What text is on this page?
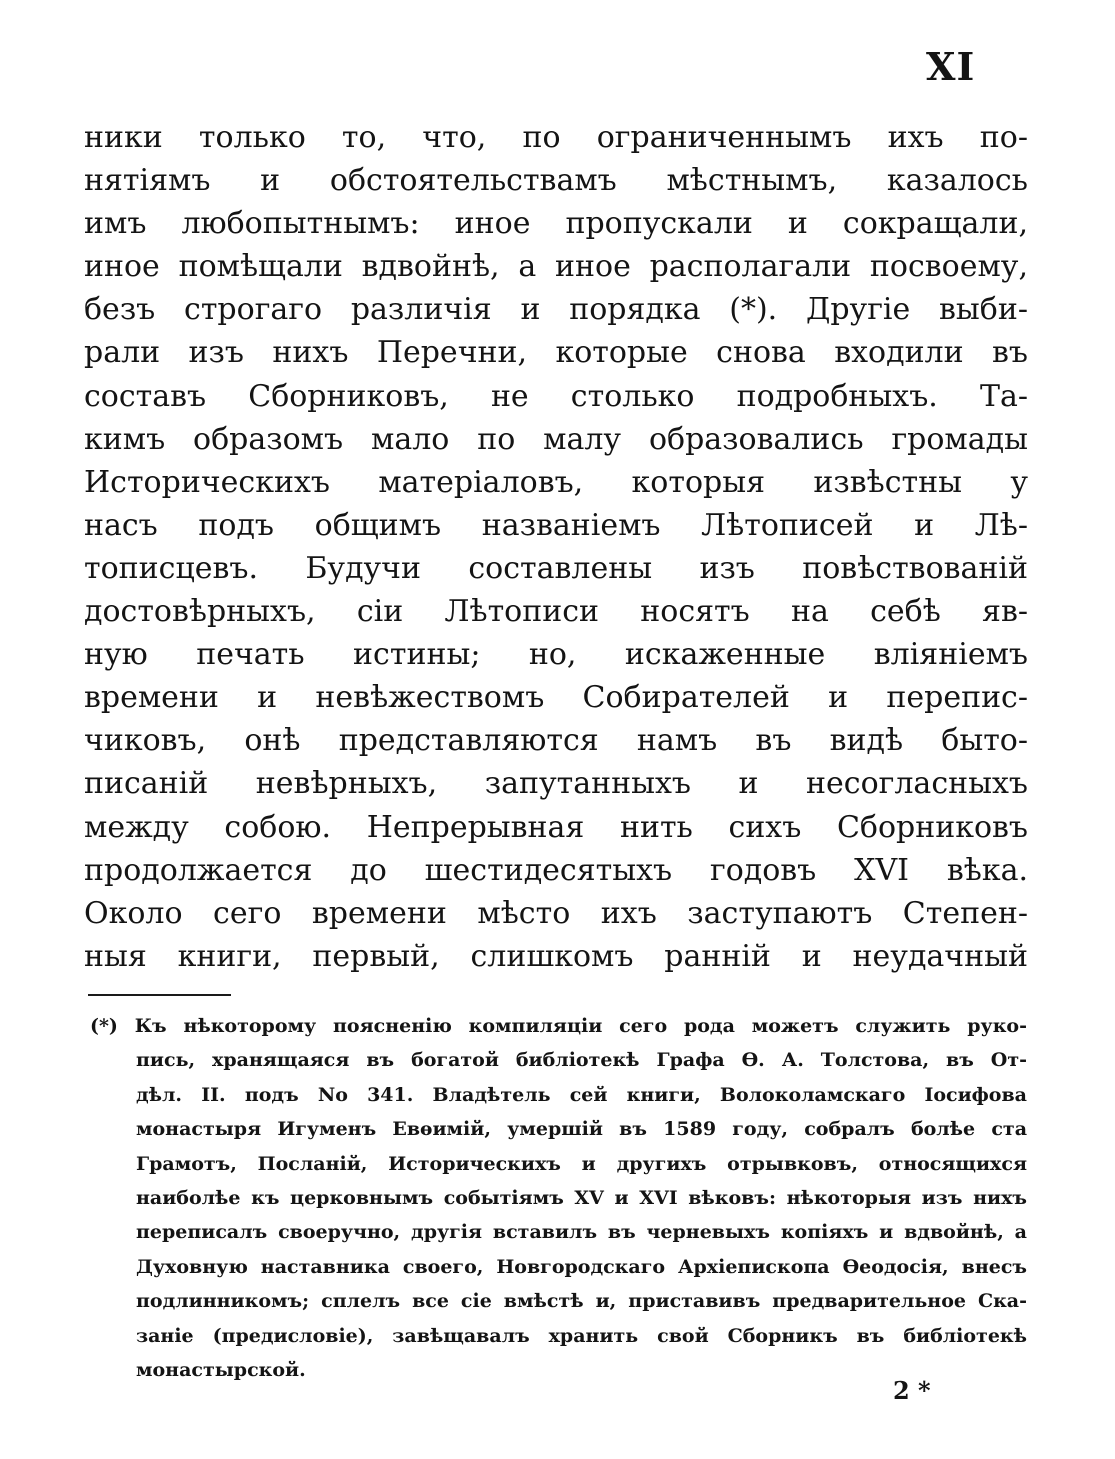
XI
ники только то, что, по ограниченнымъ ихъ по-
нятіямъ и обстоятельствамъ мѣстнымъ, казалось
имъ любопытнымъ: иное пропускали и сокращали,
иное помѣщали вдвойнѣ, а иное располагали посвоему,
безъ строгаго различія и порядка (*). Другіе выби-
рали изъ нихъ Перечни, которые снова входили въ
составъ Сборниковъ, не столько подробныхъ. Та-
кимъ образомъ мало по малу образовались громады
Историческихъ матеріаловъ, которыя извѣстны у
насъ подъ общимъ названіемъ Лѣтописей и Лѣ-
тописцевъ. Будучи составлены изъ повѣствованій
достовѣрныхъ, сіи Лѣтописи носятъ на себѣ яв-
ную печать истины; но, искаженные вліяніемъ
времени и невѣжествомъ Собирателей и перепис-
чиковъ, онѣ представляются намъ въ видѣ быто-
писаній невѣрныхъ, запутанныхъ и несогласныхъ
между собою. Непрерывная нить сихъ Сборниковъ
продолжается до шестидесятыхъ годовъ XVI вѣка.
Около сего времени мѣсто ихъ заступаютъ Степен-
ныя книги, первый, слишкомъ ранній и неудачный
(*) Къ нѣкоторому поясненію компиляціи сего рода можетъ служить руко-
пись, хранящаяся въ богатой библіотекѣ Графа Ѳ. А. Толстова, въ От-
дѣл. II. подъ No 341. Владѣтель сей книги, Волоколамскаго Іосифова
монастыря Игуменъ Евѳимій, умершій въ 1589 году, собралъ болѣе ста
Грамотъ, Посланій, Историческихъ и другихъ отрывковъ, относящихся
наиболѣе къ церковнымъ событіямъ XV и XVI вѣковъ: нѣкоторыя изъ нихъ
переписалъ своеручно, другія вставилъ въ черневыхъ копіяхъ и вдвойнѣ, а
Духовную наставника своего, Новгородскаго Архіепископа Ѳеодосія, внесъ
подлинникомъ; сплелъ все сіе вмѣстѣ и, приставивъ предварительное Ска-
заніе (предисловіе), завѣщавалъ хранить свой Сборникъ въ библіотекѣ
монастырской.
2 *
